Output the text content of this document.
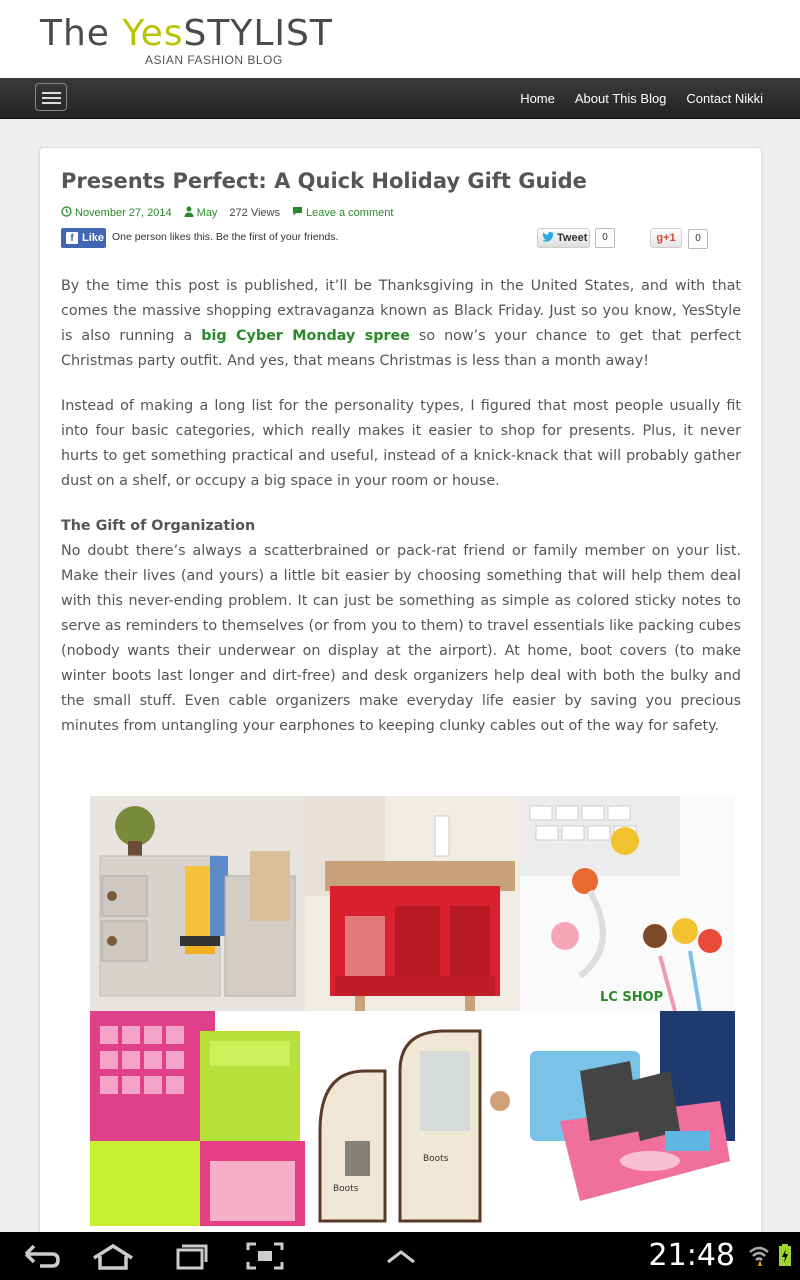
The YesSTYLIST
ASIAN FASHION BLOG
Home About This Blog Contact Nikki
Presents Perfect: A Quick Holiday Gift Guide
November 27, 2014 May 272 Views Leave a comment
f Like One person likes this. Be the first of your friends.	Tweet	0	g +1	0

By the time this post is published, it’ll be Thanksgiving in the United States, and with that comes the massive shopping extravaganza known as Black Friday. Just so you know, YesStyle is also running a big Cyber Monday spree so now’s your chance to get that perfect Christmas party outfit. And yes, that means Christmas is less than a month away!

Instead of making a long list for the personality types, I figured that most people usually fit into four basic categories, which really makes it easier to shop for presents. Plus, it never hurts to get something practical and useful, instead of a knick-knack that will probably gather dust on a shelf, or occupy a big space in your room or house.

The Gift of Organization
No doubt there’s always a scatterbrained or pack-rat friend or family member on your list. Make their lives (and yours) a little bit easier by choosing something that will help them deal with this never-ending problem. It can just be something as simple as colored sticky notes to serve as reminders to themselves (or from you to them) to travel essentials like packing cubes (nobody wants their underwear on display at the airport). At home, boot covers (to make winter boots last longer and dirt-free) and desk organizers help deal with both the bulky and the small stuff. Even cable organizers make everyday life easier by saving you precious minutes from untangling your earphones to keeping clunky cables out of the way for safety.

LC SHOP
Boots
Boots
21:48
